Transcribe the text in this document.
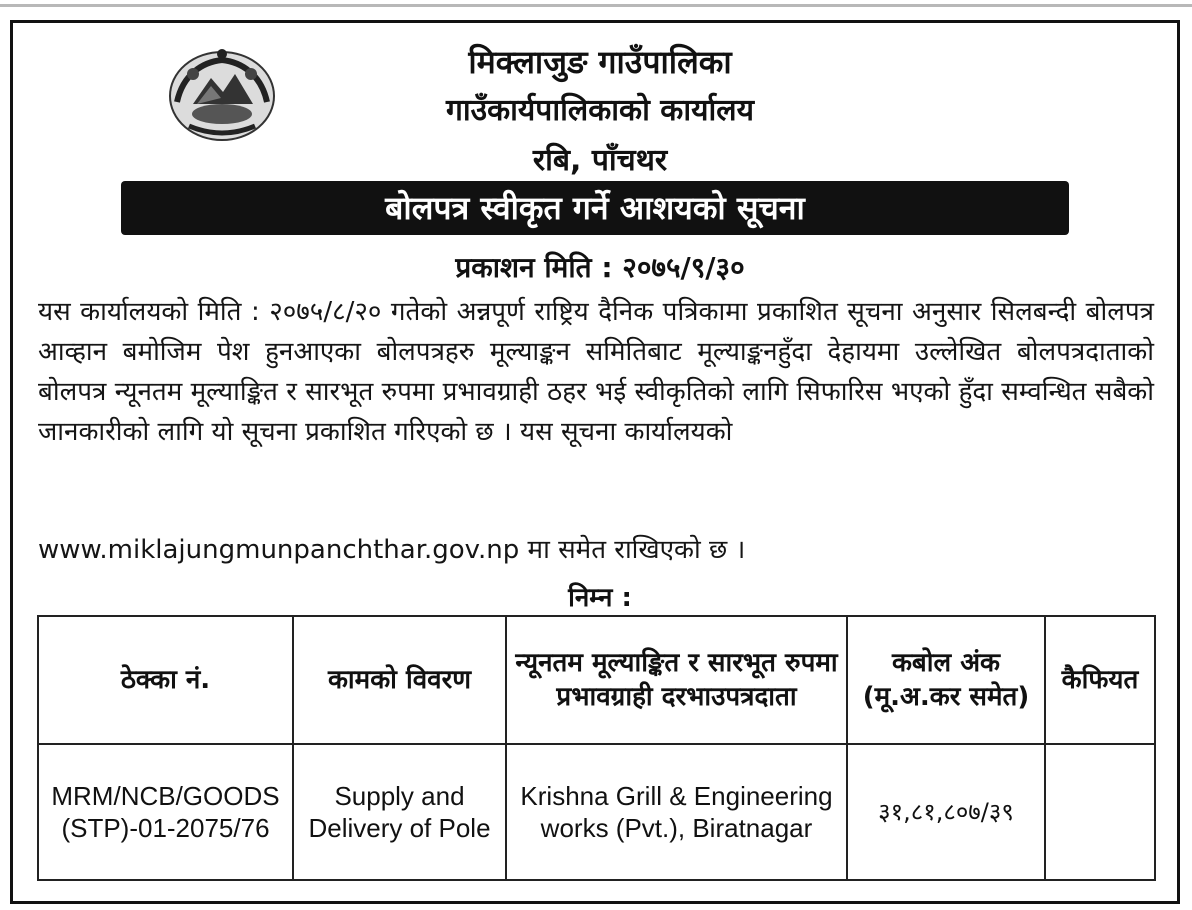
मिक्लाजुङ गाउँपालिका
गाउँकार्यपालिकाको कार्यालय
रबि, पाँचथर
बोलपत्र स्वीकृत गर्ने आशयको सूचना
प्रकाशन मिति : २०७५/९/३०
यस कार्यालयको मिति : २०७५/८/२० गतेको अन्नपूर्ण राष्ट्रिय दैनिक पत्रिकामा प्रकाशित सूचना अनुसार सिलबन्दी बोलपत्र आव्हान बमोजिम पेश हुनआएका बोलपत्रहरु मूल्याङ्कन समितिबाट मूल्याङ्कनहुँदा देहायमा उल्लेखित बोलपत्रदाताको बोलपत्र न्यूनतम मूल्याङ्कित र सारभूत रुपमा प्रभावग्राही ठहर भई स्वीकृतिको लागि सिफारिस भएको हुँदा सम्वन्धित सबैको जानकारीको लागि यो सूचना प्रकाशित गरिएको छ । यस सूचना कार्यालयको
www.miklajungmunpanchthar.gov.np मा समेत राखिएको छ ।
निम्न :
ठेक्का नं.	कामको विवरण	न्यूनतम मूल्याङ्कित र सारभूत रुपमा प्रभावग्राही दरभाउपत्रदाता	कबोल अंक (मू.अ.कर समेत)	कैफियत
MRM/NCB/GOODS (STP)-01-2075/76	Supply and Delivery of Pole	Krishna Grill & Engineering works (Pvt.), Biratnagar	३१,८१,८०७/३९	
